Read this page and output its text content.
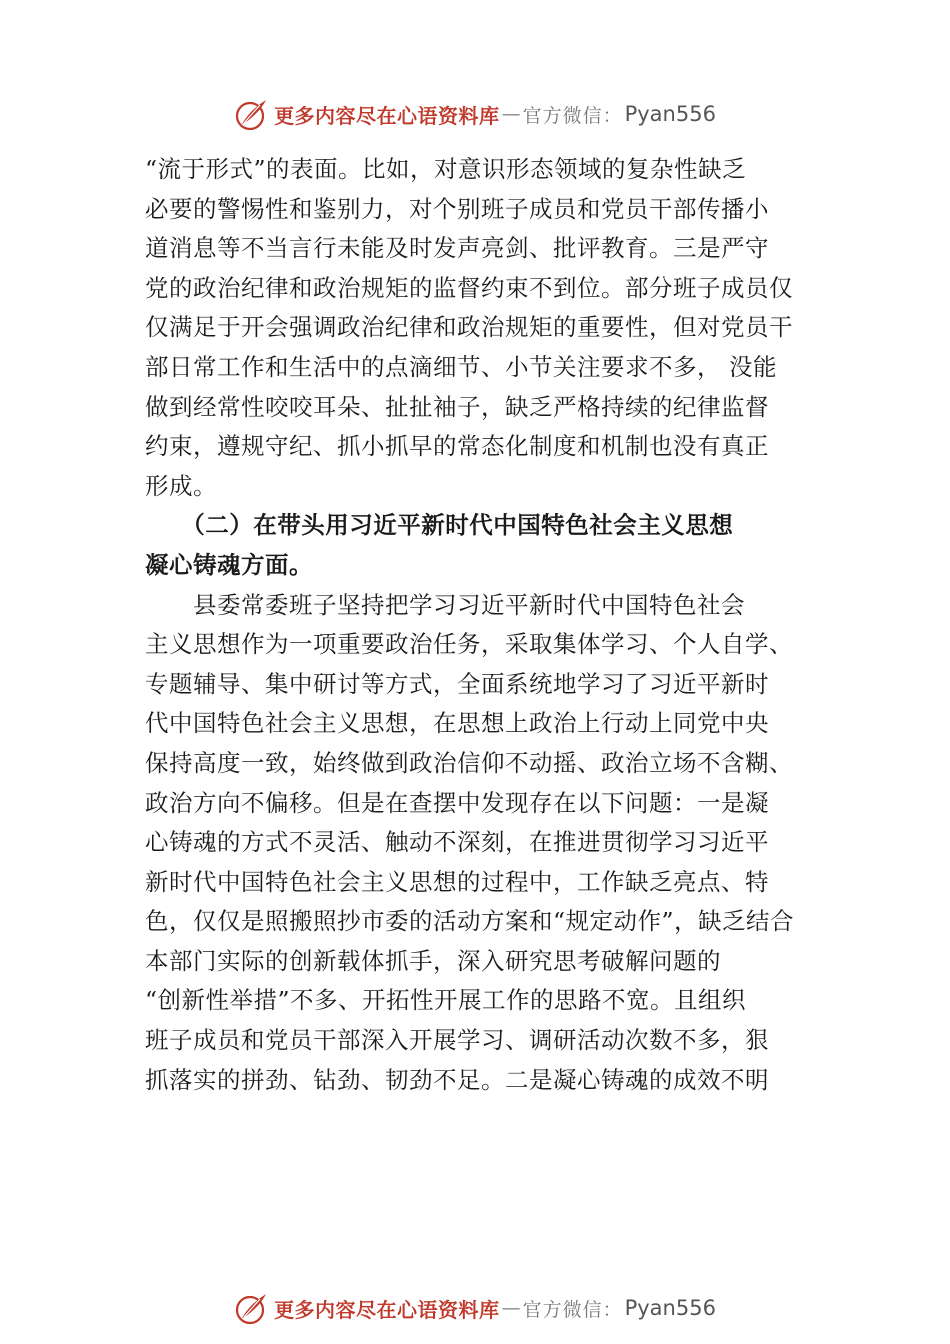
更多内容尽在心语资料库 — 官方微信： Pyan556
“流于形式”的表面。比如，对意识形态领域的复杂性缺乏
必要的警惕性和鉴别力，对个别班子成员和党员干部传播小
道消息等不当言行未能及时发声亮剑、批评教育。三是严守
党的政治纪律和政治规矩的监督约束不到位。部分班子成员仅
仅满足于开会强调政治纪律和政治规矩的重要性，但对党员干
部日常工作和生活中的点滴细节、小节关注要求不多， 没能
做到经常性咬咬耳朵、扯扯袖子，缺乏严格持续的纪律监督
约束，遵规守纪、抓小抓早的常态化制度和机制也没有真正
形成。
　　（二）在带头用习近平新时代中国特色社会主义思想
凝心铸魂方面。
　　县委常委班子坚持把学习习近平新时代中国特色社会
主义思想作为一项重要政治任务，采取集体学习、个人自学、
专题辅导、集中研讨等方式，全面系统地学习了习近平新时
代中国特色社会主义思想，在思想上政治上行动上同党中央
保持高度一致，始终做到政治信仰不动摇、政治立场不含糊、
政治方向不偏移。但是在查摆中发现存在以下问题：一是凝
心铸魂的方式不灵活、触动不深刻，在推进贯彻学习习近平
新时代中国特色社会主义思想的过程中，工作缺乏亮点、特
色，仅仅是照搬照抄市委的活动方案和“规定动作”，缺乏结合
本部门实际的创新载体抓手，深入研究思考破解问题的
“创新性举措”不多、开拓性开展工作的思路不宽。且组织
班子成员和党员干部深入开展学习、调研活动次数不多，狠
抓落实的拼劲、钻劲、韧劲不足。二是凝心铸魂的成效不明
更多内容尽在心语资料库 — 官方微信： Pyan556
